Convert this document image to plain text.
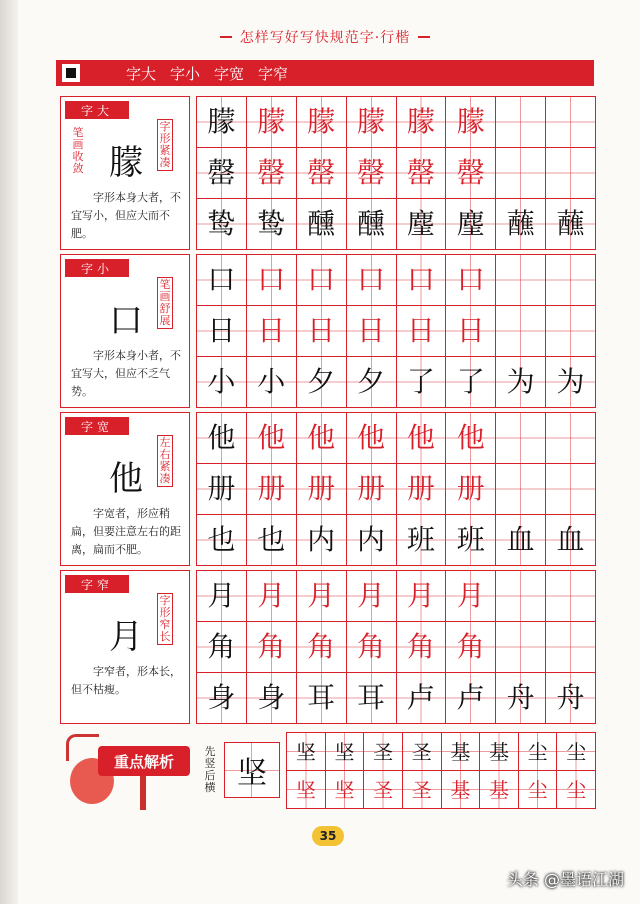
怎样写好写快规范字·行楷
字大 字小 字宽 字窄
字大
朦
笔画收敛
字形紧凑
字形本身大者，不宜写小，但应大而不肥。
朦 朦 朦 朦 朦 朦
罄 罄 罄 罄 罄 罄
鸷 鸷 醺 醺 麈 麈 蘸 蘸
字小
口
笔画舒展
字形本身小者，不宜写大，但应不乏气势。
口 口 口 口 口 口
日 日 日 日 日 日
小 小 夕 夕 了 了 为 为
字宽
他
左右紧凑
字宽者，形应稍扁，但要注意左右的距离，扁而不肥。
他 他 他 他 他 他
册 册 册 册 册 册
也 也 内 内 班 班 血 血
字窄
月
字形窄长
字窄者，形本长，但不枯瘦。
月 月 月 月 月 月
角 角 角 角 角 角
身 身 耳 耳 卢 卢 舟 舟
重点解析
先竖后横 坚
坚 坚 圣 圣 基 基 尘 尘
坚 坚 圣 圣 基 基 尘 尘
35
头条 @墨语江湖
